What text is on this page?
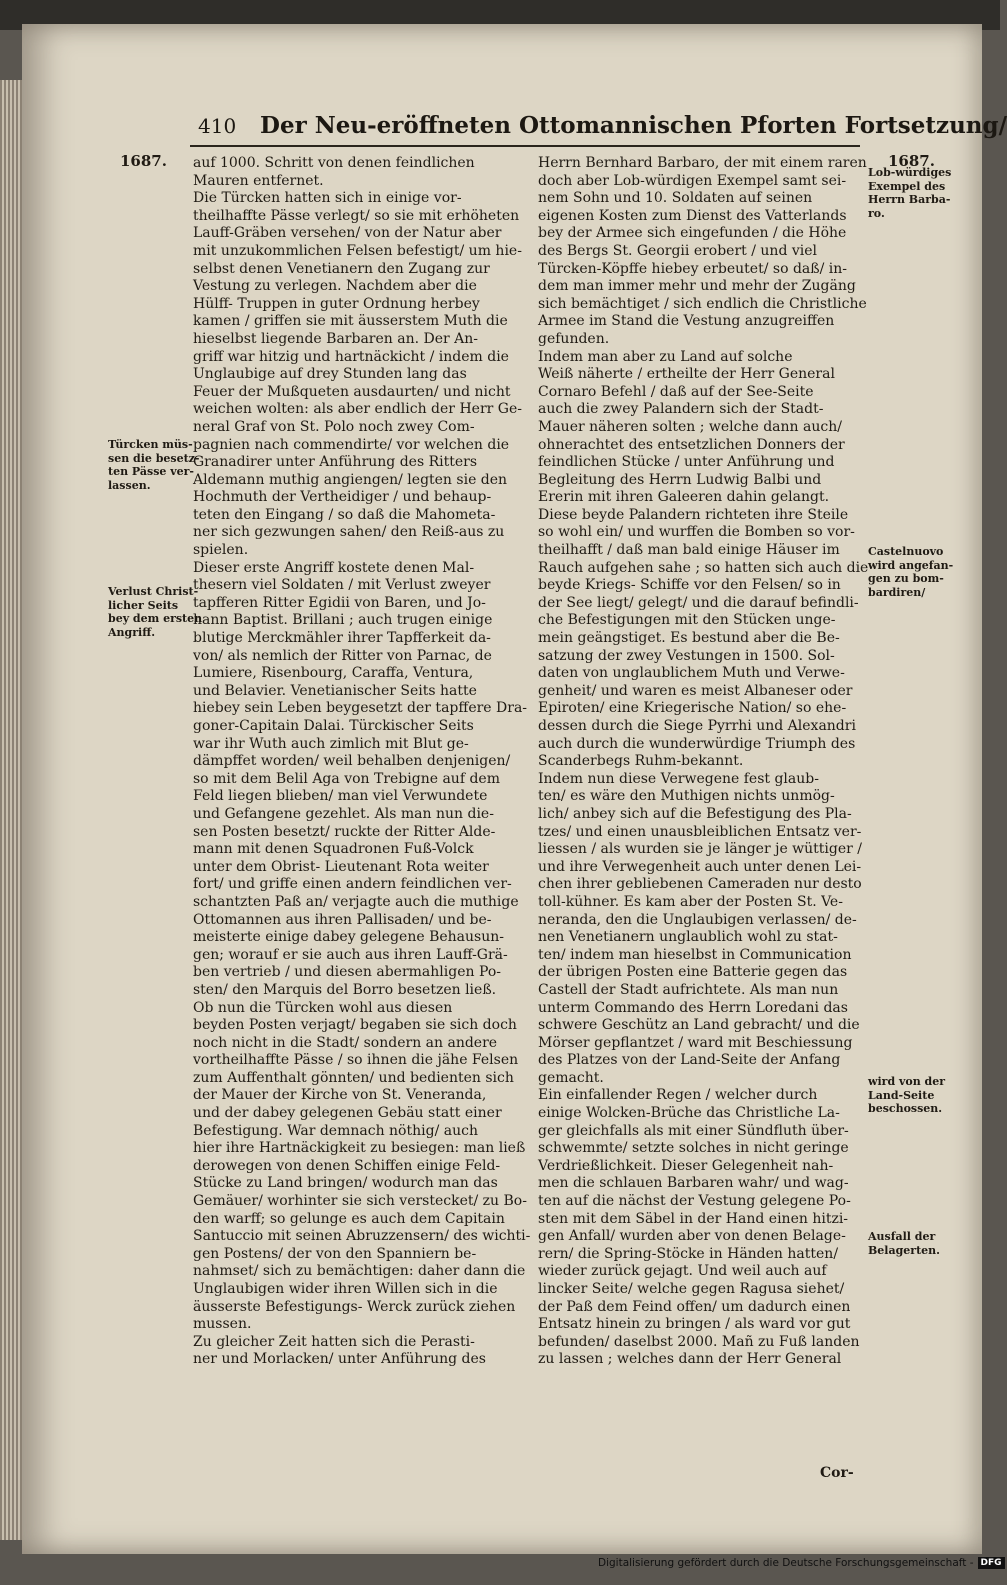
410 Der Neu-eröffneten Ottomannischen Pforten Fortsetzung/
1687.	1687.
Türcken müs-
sen die besetz-
ten Pässe ver-
lassen.
Verlust Christ-
licher Seits
bey dem ersten
Angriff.
Lob-würdiges
Exempel des
Herrn Barba-
ro.
Castelnuovo
wird angefan-
gen zu bom-
bardiren/
wird von der
Land-Seite
beschossen.
Ausfall der
Belagerten.
auf 1000. Schritt von denen feindlichen
Mauren entfernet.
Die Türcken hatten sich in einige vor-
theilhaffte Pässe verlegt/ so sie mit erhöheten
Lauff-Gräben versehen/ von der Natur aber
mit unzukommlichen Felsen befestigt/ um hie-
selbst denen Venetianern den Zugang zur
Vestung zu verlegen. Nachdem aber die
Hülff- Truppen in guter Ordnung herbey
kamen / griffen sie mit äusserstem Muth die
hieselbst liegende Barbaren an. Der An-
griff war hitzig und hartnäckicht / indem die
Unglaubige auf drey Stunden lang das
Feuer der Mußqueten ausdaurten/ und nicht
weichen wolten: als aber endlich der Herr Ge-
neral Graf von St. Polo noch zwey Com-
pagnien nach commendirte/ vor welchen die
Granadirer unter Anführung des Ritters
Aldemann muthig angiengen/ legten sie den
Hochmuth der Vertheidiger / und behaup-
teten den Eingang / so daß die Mahometa-
ner sich gezwungen sahen/ den Reiß-aus zu
spielen.
Dieser erste Angriff kostete denen Mal-
thesern viel Soldaten / mit Verlust zweyer
tapfferen Ritter Egidii von Baren, und Jo-
hann Baptist. Brillani ; auch trugen einige
blutige Merckmähler ihrer Tapfferkeit da-
von/ als nemlich der Ritter von Parnac, de
Lumiere, Risenbourg, Caraffa, Ventura,
und Belavier. Venetianischer Seits hatte
hiebey sein Leben beygesetzt der tapffere Dra-
goner-Capitain Dalai. Türckischer Seits
war ihr Wuth auch zimlich mit Blut ge-
dämpffet worden/ weil behalben denjenigen/
so mit dem Belil Aga von Trebigne auf dem
Feld liegen blieben/ man viel Verwundete
und Gefangene gezehlet. Als man nun die-
sen Posten besetzt/ ruckte der Ritter Alde-
mann mit denen Squadronen Fuß-Volck
unter dem Obrist- Lieutenant Rota weiter
fort/ und griffe einen andern feindlichen ver-
schantzten Paß an/ verjagte auch die muthige
Ottomannen aus ihren Pallisaden/ und be-
meisterte einige dabey gelegene Behausun-
gen; worauf er sie auch aus ihren Lauff-Grä-
ben vertrieb / und diesen abermahligen Po-
sten/ den Marquis del Borro besetzen ließ.
Ob nun die Türcken wohl aus diesen
beyden Posten verjagt/ begaben sie sich doch
noch nicht in die Stadt/ sondern an andere
vortheilhaffte Pässe / so ihnen die jähe Felsen
zum Auffenthalt gönnten/ und bedienten sich
der Mauer der Kirche von St. Veneranda,
und der dabey gelegenen Gebäu statt einer
Befestigung. War demnach nöthig/ auch
hier ihre Hartnäckigkeit zu besiegen: man ließ
derowegen von denen Schiffen einige Feld-
Stücke zu Land bringen/ wodurch man das
Gemäuer/ worhinter sie sich verstecket/ zu Bo-
den warff; so gelunge es auch dem Capitain
Santuccio mit seinen Abruzzensern/ des wichti-
gen Postens/ der von den Spanniern be-
nahmset/ sich zu bemächtigen: daher dann die
Unglaubigen wider ihren Willen sich in die
äusserste Befestigungs- Werck zurück ziehen
mussen.
Zu gleicher Zeit hatten sich die Perasti-
ner und Morlacken/ unter Anführung des
Herrn Bernhard Barbaro, der mit einem raren
doch aber Lob-würdigen Exempel samt sei-
nem Sohn und 10. Soldaten auf seinen
eigenen Kosten zum Dienst des Vatterlands
bey der Armee sich eingefunden / die Höhe
des Bergs St. Georgii erobert / und viel
Türcken-Köpffe hiebey erbeutet/ so daß/ in-
dem man immer mehr und mehr der Zugäng
sich bemächtiget / sich endlich die Christliche
Armee im Stand die Vestung anzugreiffen
gefunden.
Indem man aber zu Land auf solche
Weiß näherte / ertheilte der Herr General
Cornaro Befehl / daß auf der See-Seite
auch die zwey Palandern sich der Stadt-
Mauer näheren solten ; welche dann auch/
ohnerachtet des entsetzlichen Donners der
feindlichen Stücke / unter Anführung und
Begleitung des Herrn Ludwig Balbi und
Ererin mit ihren Galeeren dahin gelangt.
Diese beyde Palandern richteten ihre Steile
so wohl ein/ und wurffen die Bomben so vor-
theilhafft / daß man bald einige Häuser im
Rauch aufgehen sahe ; so hatten sich auch die
beyde Kriegs- Schiffe vor den Felsen/ so in
der See liegt/ gelegt/ und die darauf befindli-
che Befestigungen mit den Stücken unge-
mein geängstiget. Es bestund aber die Be-
satzung der zwey Vestungen in 1500. Sol-
daten von unglaublichem Muth und Verwe-
genheit/ und waren es meist Albaneser oder
Epiroten/ eine Kriegerische Nation/ so ehe-
dessen durch die Siege Pyrrhi und Alexandri
auch durch die wunderwürdige Triumph des
Scanderbegs Ruhm-bekannt.
Indem nun diese Verwegene fest glaub-
ten/ es wäre den Muthigen nichts unmög-
lich/ anbey sich auf die Befestigung des Pla-
tzes/ und einen unausbleiblichen Entsatz ver-
liessen / als wurden sie je länger je wüttiger /
und ihre Verwegenheit auch unter denen Lei-
chen ihrer gebliebenen Cameraden nur desto
toll-kühner. Es kam aber der Posten St. Ve-
neranda, den die Unglaubigen verlassen/ de-
nen Venetianern unglaublich wohl zu stat-
ten/ indem man hieselbst in Communication
der übrigen Posten eine Batterie gegen das
Castell der Stadt aufrichtete. Als man nun
unterm Commando des Herrn Loredani das
schwere Geschütz an Land gebracht/ und die
Mörser gepflantzet / ward mit Beschiessung
des Platzes von der Land-Seite der Anfang
gemacht.
Ein einfallender Regen / welcher durch
einige Wolcken-Brüche das Christliche La-
ger gleichfalls als mit einer Sündfluth über-
schwemmte/ setzte solches in nicht geringe
Verdrießlichkeit. Dieser Gelegenheit nah-
men die schlauen Barbaren wahr/ und wag-
ten auf die nächst der Vestung gelegene Po-
sten mit dem Säbel in der Hand einen hitzi-
gen Anfall/ wurden aber von denen Belage-
rern/ die Spring-Stöcke in Händen hatten/
wieder zurück gejagt. Und weil auch auf
lincker Seite/ welche gegen Ragusa siehet/
der Paß dem Feind offen/ um dadurch einen
Entsatz hinein zu bringen / als ward vor gut
befunden/ daselbst 2000. Mañ zu Fuß landen
zu lassen ; welches dann der Herr General
Cor-
Digitalisierung gefördert durch die Deutsche Forschungsgemeinschaft - DFG
